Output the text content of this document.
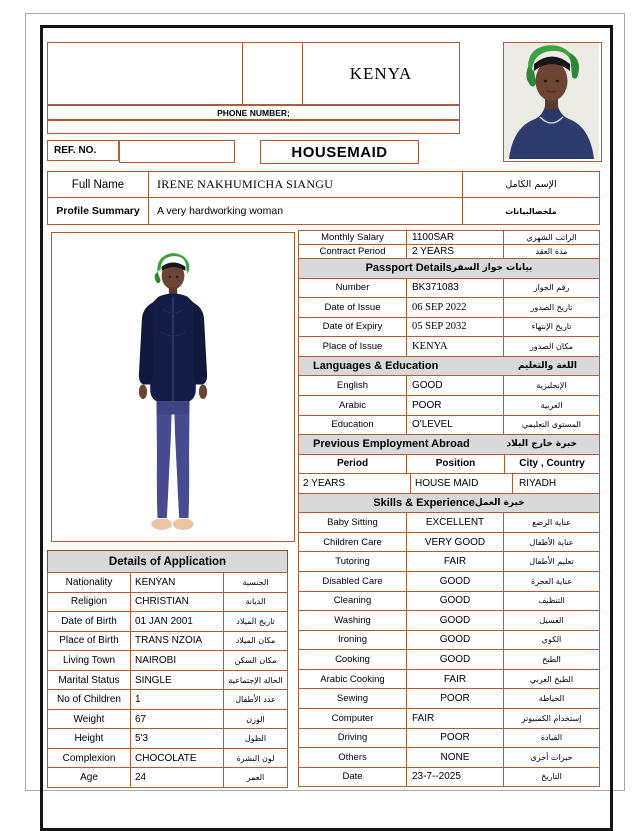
KENYA
PHONE NUMBER;
REF. NO.	HOUSEMAID
Full Name	IRENE NAKHUMICHA SIANGU	الإسم الكامل
Profile Summary	A very hardworking woman	ملخصالبيانات
Details of Application
Nationality	KENYAN	الجنسية
Religion	CHRISTIAN	الديانة
Date of Birth	01 JAN 2001	تاريخ الميلاد
Place of Birth	TRANS NZOIA	مكان الميلاد
Living Town	NAIROBI	مكان السكن
Marital Status	SINGLE	الحالة الإجتماعية
No of Children	1	عدد الأطفال
Weight	67	الوزن
Height	5'3	الطول
Complexion	CHOCOLATE	لون البشرة
Age	24	العمر
Monthly Salary	1100SAR	الراتب الشهري
Contract Period	2 YEARS	مدة العقد
Passport Details بيانات جواز السفر
Number	BK371083	رقم الجواز
Date of Issue	06 SEP 2022	تاريخ الصدور
Date of Expiry	05 SEP 2032	تاريخ الإنتهاء
Place of Issue	KENYA	مكان الصدور
Languages & Education	اللغة والتعليم
English	GOOD	الإنجليزية
Arabic	POOR	العربية
Education	O'LEVEL	المستوى التعليمي
Previous Employment Abroad	خبرة خارج البلاد
Period	Position	City , Country
2 YEARS	HOUSE MAID	RIYADH
Skills & Experience خبرة العمل
Baby Sitting	EXCELLENT	عناية الرضع
Children Care	VERY GOOD	عناية الأطفال
Tutoring	FAIR	تعليم الأطفال
Disabled Care	GOOD	عناية العجزة
Cleaning	GOOD	التنظيف
Washing	GOOD	الغسيل
Ironing	GOOD	الكوي
Cooking	GOOD	الطبخ
Arabic Cooking	FAIR	الطبخ العربي
Sewing	POOR	الخياطة
Computer	FAIR	إستخدام الكمبيوتر
Driving	POOR	القيادة
Others	NONE	خبرات أخرى
Date	23-7--2025	التاريخ
